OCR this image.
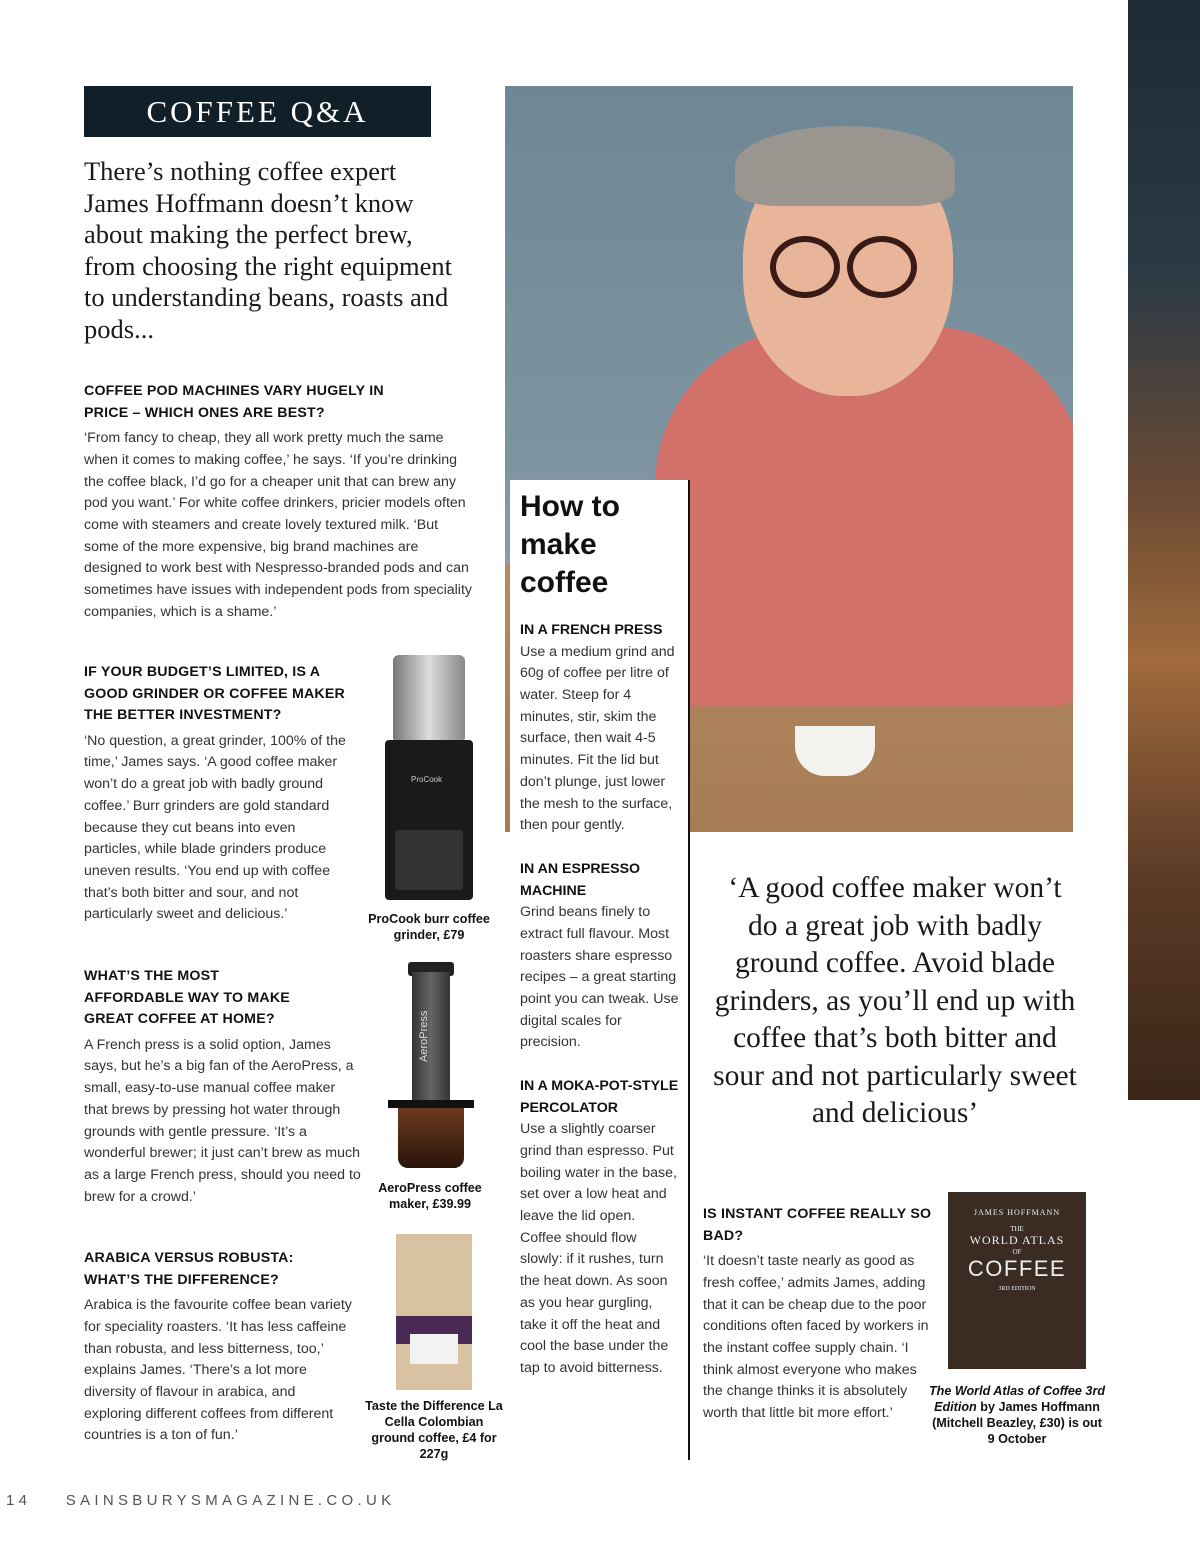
COFFEE Q&A
There’s nothing coffee expert James Hoffmann doesn’t know about making the perfect brew, from choosing the right equipment to understanding beans, roasts and pods...
COFFEE POD MACHINES VARY HUGELY IN PRICE – WHICH ONES ARE BEST?
‘From fancy to cheap, they all work pretty much the same when it comes to making coffee,’ he says. ‘If you’re drinking the coffee black, I’d go for a cheaper unit that can brew any pod you want.’ For white coffee drinkers, pricier models often come with steamers and create lovely textured milk. ‘But some of the more expensive, big brand machines are designed to work best with Nespresso-branded pods and can sometimes have issues with independent pods from speciality companies, which is a shame.’
IF YOUR BUDGET’S LIMITED, IS A GOOD GRINDER OR COFFEE MAKER THE BETTER INVESTMENT?
‘No question, a great grinder, 100% of the time,’ James says. ‘A good coffee maker won’t do a great job with badly ground coffee.’ Burr grinders are gold standard because they cut beans into even particles, while blade grinders produce uneven results. ‘You end up with coffee that’s both bitter and sour, and not particularly sweet and delicious.’
WHAT’S THE MOST AFFORDABLE WAY TO MAKE GREAT COFFEE AT HOME?
A French press is a solid option, James says, but he’s a big fan of the AeroPress, a small, easy-to-use manual coffee maker that brews by pressing hot water through grounds with gentle pressure. ‘It’s a wonderful brewer; it just can’t brew as much as a large French press, should you need to brew for a crowd.’
ARABICA VERSUS ROBUSTA: WHAT’S THE DIFFERENCE?
Arabica is the favourite coffee bean variety for speciality roasters. ‘It has less caffeine than robusta, and less bitterness, too,’ explains James. ‘There’s a lot more diversity of flavour in arabica, and exploring different coffees from different countries is a ton of fun.’
ProCook
ProCook burr coffee grinder, £79
AeroPress
AeroPress coffee maker, £39.99
Taste the Difference La Cella Colombian ground coffee, £4 for 227g
How to make coffee
IN A FRENCH PRESS
Use a medium grind and 60g of coffee per litre of water. Steep for 4 minutes, stir, skim the surface, then wait 4-5 minutes. Fit the lid but don’t plunge, just lower the mesh to the surface, then pour gently.
IN AN ESPRESSO MACHINE
Grind beans finely to extract full flavour. Most roasters share espresso recipes – a great starting point you can tweak. Use digital scales for precision.
IN A MOKA-POT-STYLE PERCOLATOR
Use a slightly coarser grind than espresso. Put boiling water in the base, set over a low heat and leave the lid open. Coffee should flow slowly: if it rushes, turn the heat down. As soon as you hear gurgling, take it off the heat and cool the base under the tap to avoid bitterness.
‘A good coffee maker won’t do a great job with badly ground coffee. Avoid blade grinders, as you’ll end up with coffee that’s both bitter and sour and not particularly sweet and delicious’
IS INSTANT COFFEE REALLY SO BAD?
‘It doesn’t taste nearly as good as fresh coffee,’ admits James, adding that it can be cheap due to the poor conditions often faced by workers in the instant coffee supply chain. ‘I think almost everyone who makes the change thinks it is absolutely worth that little bit more effort.’
JAMES HOFFMANN
THE
WORLD ATLAS
OF
COFFEE
3RD EDITION
The World Atlas of Coffee 3rd Edition by James Hoffmann (Mitchell Beazley, £30) is out 9 October
14 SAINSBURYSMAGAZINE.CO.UK
